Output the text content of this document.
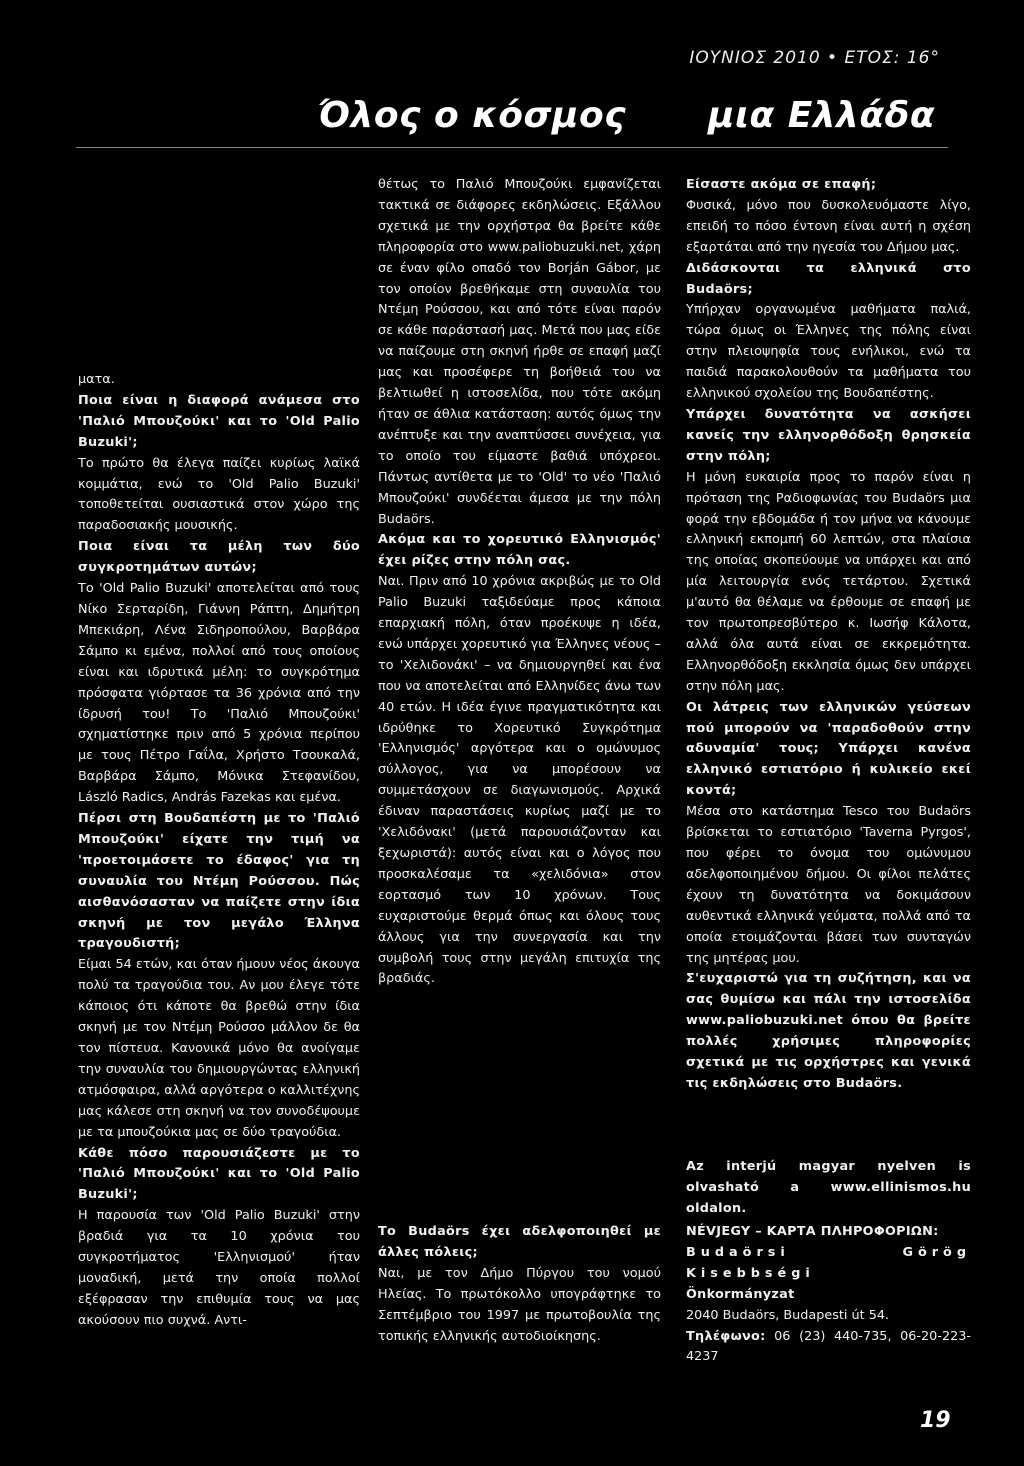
ΙΟΥΝΙΟΣ 2010 • ΕΤΟΣ: 16°
Όλος ο κόσμος μια Ελλάδα

ματα.

Ποια είναι η διαφορά ανάμεσα στο 'Παλιό Μπουζούκι' και το 'Old Palio Buzuki';

Το πρώτο θα έλεγα παίζει κυρίως λαϊκά κομμάτια, ενώ το 'Old Palio Buzuki' τοποθετείται ουσιαστικά στον χώρο της παραδοσιακής μουσικής.

Ποια είναι τα μέλη των δύο συγκροτημάτων αυτών;

Το 'Old Palio Buzuki' αποτελείται από τους Νίκο Σερταρίδη, Γιάννη Ράπτη, Δημήτρη Μπεκιάρη, Λένα Σιδηροπούλου, Βαρβάρα Σάμπο κι εμένα, πολλοί από τους οποίους είναι και ιδρυτικά μέλη: το συγκρότημα πρόσφατα γιόρτασε τα 36 χρόνια από την ίδρυσή του! Το 'Παλιό Μπουζούκι' σχηματίστηκε πριν από 5 χρόνια περίπου με τους Πέτρο Γαΐλα, Χρήστο Τσουκαλά, Βαρβάρα Σάμπο, Μόνικα Στεφανίδου, László Radics, András Fazekas και εμένα.

Πέρσι στη Βουδαπέστη με το 'Παλιό Μπουζούκι' είχατε την τιμή να 'προετοιμάσετε το έδαφος' για τη συναυλία του Ντέμη Ρούσσου. Πώς αισθανόσασταν να παίζετε στην ίδια σκηνή με τον μεγάλο Έλληνα τραγουδιστή;

Είμαι 54 ετών, και όταν ήμουν νέος άκουγα πολύ τα τραγούδια του. Αν μου έλεγε τότε κάποιος ότι κάποτε θα βρεθώ στην ίδια σκηνή με τον Ντέμη Ρούσσο μάλλον δε θα τον πίστευα. Κανονικά μόνο θα ανοίγαμε την συναυλία του δημιουργώντας ελληνική ατμόσφαιρα, αλλά αργότερα ο καλλιτέχνης μας κάλεσε στη σκηνή να τον συνοδέψουμε με τα μπουζούκια μας σε δύο τραγούδια.

Κάθε πόσο παρουσιάζεστε με το 'Παλιό Μπουζούκι' και το 'Old Palio Buzuki';

Η παρουσία των 'Old Palio Buzuki' στην βραδιά για τα 10 χρόνια του συγκροτήματος 'Ελληνισμού' ήταν μοναδική, μετά την οποία πολλοί εξέφρασαν την επιθυμία τους να μας ακούσουν πιο συχνά. Αντι-

θέτως το Παλιό Μπουζούκι εμφανίζεται τακτικά σε διάφορες εκδηλώσεις. Εξάλλου σχετικά με την ορχήστρα θα βρείτε κάθε πληροφορία στο www.paliobuzuki.net, χάρη σε έναν φίλο οπαδό τον Borján Gábor, με τον οποίον βρεθήκαμε στη συναυλία του Ντέμη Ρούσσου, και από τότε είναι παρόν σε κάθε παράστασή μας. Μετά που μας είδε να παίζουμε στη σκηνή ήρθε σε επαφή μαζί μας και προσέφερε τη βοήθειά του να βελτιωθεί η ιστοσελίδα, που τότε ακόμη ήταν σε άθλια κατάσταση: αυτός όμως την ανέπτυξε και την αναπτύσσει συνέχεια, για το οποίο του είμαστε βαθιά υπόχρεοι. Πάντως αντίθετα με το 'Old' το νέο 'Παλιό Μπουζούκι' συνδέεται άμεσα με την πόλη Budaörs.

Ακόμα και το χορευτικό Ελληνισμός' έχει ρίζες στην πόλη σας.

Ναι. Πριν από 10 χρόνια ακριβώς με το Old Palio Buzuki ταξιδεύαμε προς κάποια επαρχιακή πόλη, όταν προέκυψε η ιδέα, ενώ υπάρχει χορευτικό για Έλληνες νέους – το 'Χελιδονάκι' – να δημιουργηθεί και ένα που να αποτελείται από Ελληνίδες άνω των 40 ετών. Η ιδέα έγινε πραγματικότητα και ιδρύθηκε το Χορευτικό Συγκρότημα 'Ελληνισμός' αργότερα και ο ομώνυμος σύλλογος, για να μπορέσουν να συμμετάσχουν σε διαγωνισμούς. Αρχικά έδιναν παραστάσεις κυρίως μαζί με το 'Χελιδόνακι' (μετά παρουσιάζονταν και ξεχωριστά): αυτός είναι και ο λόγος που προσκαλέσαμε τα «χελιδόνια» στον εορτασμό των 10 χρόνων. Τους ευχαριστούμε θερμά όπως και όλους τους άλλους για την συνεργασία και την συμβολή τους στην μεγάλη επιτυχία της βραδιάς.

Το Budaörs έχει αδελφοποιηθεί με άλλες πόλεις;

Ναι, με τον Δήμο Πύργου του νομού Ηλείας. Το πρωτόκολλο υπογράφτηκε το Σεπτέμβριο του 1997 με πρωτοβουλία της τοπικής ελληνικής αυτοδιοίκησης.

Είσαστε ακόμα σε επαφή;

Φυσικά, μόνο που δυσκολευόμαστε λίγο, επειδή το πόσο έντονη είναι αυτή η σχέση εξαρτάται από την ηγεσία του Δήμου μας.

Διδάσκονται τα ελληνικά στο Budaörs;

Υπήρχαν οργανωμένα μαθήματα παλιά, τώρα όμως οι Έλληνες της πόλης είναι στην πλειοψηφία τους ενήλικοι, ενώ τα παιδιά παρακολουθούν τα μαθήματα του ελληνικού σχολείου της Βουδαπέστης.

Υπάρχει δυνατότητα να ασκήσει κανείς την ελληνορθόδοξη θρησκεία στην πόλη;

Η μόνη ευκαιρία προς το παρόν είναι η πρόταση της Ραδιοφωνίας του Budaörs μια φορά την εβδομάδα ή τον μήνα να κάνουμε ελληνική εκπομπή 60 λεπτών, στα πλαίσια της οποίας σκοπεύουμε να υπάρχει και από μία λειτουργία ενός τετάρτου. Σχετικά μ'αυτό θα θέλαμε να έρθουμε σε επαφή με τον πρωτοπρεσβύτερο κ. Ιωσήφ Κάλοτα, αλλά όλα αυτά είναι σε εκκρεμότητα. Ελληνορθόδοξη εκκλησία όμως δεν υπάρχει στην πόλη μας.

Οι λάτρεις των ελληνικών γεύσεων πού μπορούν να 'παραδοθούν στην αδυναμία' τους; Υπάρχει κανένα ελληνικό εστιατόριο ή κυλικείο εκεί κοντά;

Μέσα στο κατάστημα Tesco του Budaörs βρίσκεται το εστιατόριο 'Taverna Pyrgos', που φέρει το όνομα του ομώνυμου αδελφοποιημένου δήμου. Οι φίλοι πελάτες έχουν τη δυνατότητα να δοκιμάσουν αυθεντικά ελληνικά γεύματα, πολλά από τα οποία ετοιμάζονται βάσει των συνταγών της μητέρας μου.

Σ'ευχαριστώ για τη συζήτηση, και να σας θυμίσω και πάλι την ιστοσελίδα www.paliobuzuki.net όπου θα βρείτε πολλές χρήσιμες πληροφορίες σχετικά με τις ορχήστρες και γενικά τις εκδηλώσεις στο Budaörs.

Az interjú magyar nyelven is olvasható a www.ellinismos.hu oldalon.

NÉVJEGY – ΚΑΡΤΑ ΠΛΗΡΟΦΟΡΙΩΝ:

Budaörsi Görög Kisebbségi

Önkormányzat

2040 Budaörs, Budapesti út 54.

Τηλέφωνο: 06 (23) 440-735, 06-20-223-4237

19
